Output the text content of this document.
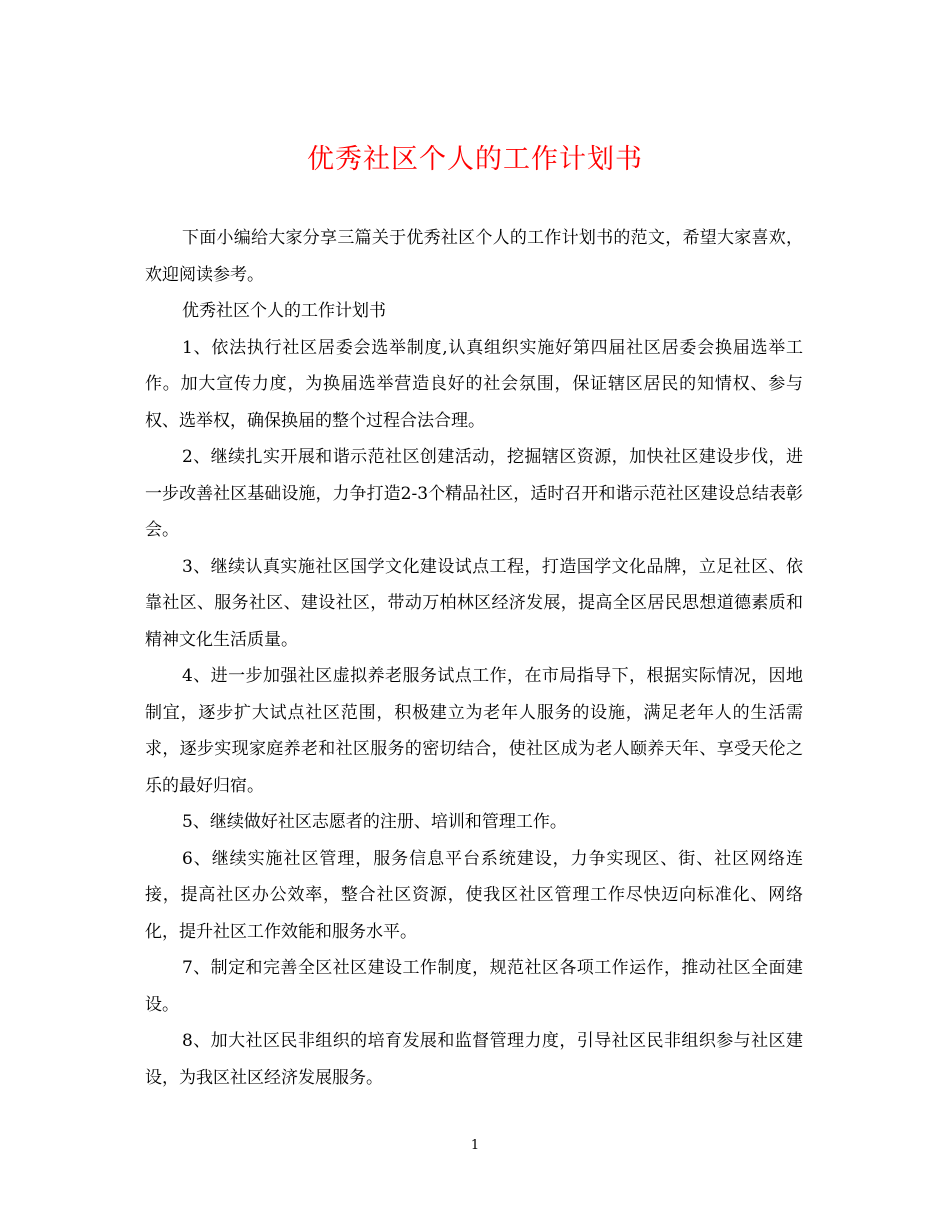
优秀社区个人的工作计划书

下面小编给大家分享三篇关于优秀社区个人的工作计划书的范文，希望大家喜欢，欢迎阅读参考。

优秀社区个人的工作计划书

1、依法执行社区居委会选举制度,认真组织实施好第四届社区居委会换届选举工作。加大宣传力度，为换届选举营造良好的社会氛围，保证辖区居民的知情权、参与权、选举权，确保换届的整个过程合法合理。

2、继续扎实开展和谐示范社区创建活动，挖掘辖区资源，加快社区建设步伐，进一步改善社区基础设施，力争打造2-3个精品社区，适时召开和谐示范社区建设总结表彰会。

3、继续认真实施社区国学文化建设试点工程，打造国学文化品牌，立足社区、依靠社区、服务社区、建设社区，带动万柏林区经济发展，提高全区居民思想道德素质和精神文化生活质量。

4、进一步加强社区虚拟养老服务试点工作，在市局指导下，根据实际情况，因地制宜，逐步扩大试点社区范围，积极建立为老年人服务的设施，满足老年人的生活需求，逐步实现家庭养老和社区服务的密切结合，使社区成为老人颐养天年、享受天伦之乐的最好归宿。

5、继续做好社区志愿者的注册、培训和管理工作。

6、继续实施社区管理，服务信息平台系统建设，力争实现区、街、社区网络连接，提高社区办公效率，整合社区资源，使我区社区管理工作尽快迈向标准化、网络化，提升社区工作效能和服务水平。

7、制定和完善全区社区建设工作制度，规范社区各项工作运作，推动社区全面建设。

8、加大社区民非组织的培育发展和监督管理力度，引导社区民非组织参与社区建设，为我区社区经济发展服务。

1
